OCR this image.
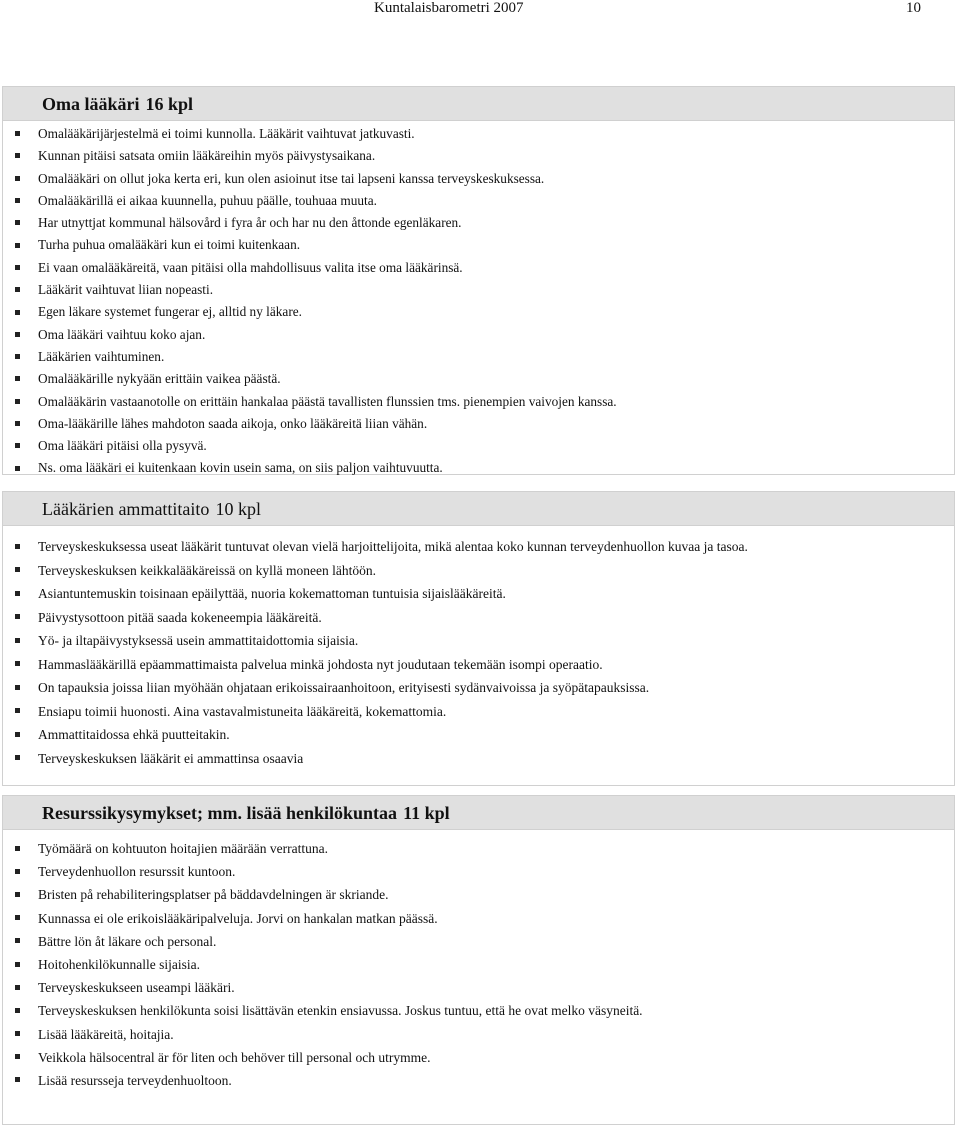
Kuntalaisbarometri 2007	10
Oma lääkäri 16 kpl
Omalääkärijärjestelmä ei toimi kunnolla. Lääkärit vaihtuvat jatkuvasti.
Kunnan pitäisi satsata omiin lääkäreihin myös päivystysaikana.
Omalääkäri on ollut joka kerta eri, kun olen asioinut itse tai lapseni kanssa terveyskeskuksessa.
Omalääkärillä ei aikaa kuunnella, puhuu päälle, touhuaa muuta.
Har utnyttjat kommunal hälsovård i fyra år och har nu den åttonde egenläkaren.
Turha puhua omalääkäri kun ei toimi kuitenkaan.
Ei vaan omalääkäreitä, vaan pitäisi olla mahdollisuus valita itse oma lääkärinsä.
Lääkärit vaihtuvat liian nopeasti.
Egen läkare systemet fungerar ej, alltid ny läkare.
Oma lääkäri vaihtuu koko ajan.
Lääkärien vaihtuminen.
Omalääkärille nykyään erittäin vaikea päästä.
Omalääkärin vastaanotolle on erittäin hankalaa päästä tavallisten flunssien tms. pienempien vaivojen kanssa.
Oma-lääkärille lähes mahdoton saada aikoja, onko lääkäreitä liian vähän.
Oma lääkäri pitäisi olla pysyvä.
Ns. oma lääkäri ei kuitenkaan kovin usein sama, on siis paljon vaihtuvuutta.
Lääkärien ammattitaito 10 kpl
Terveyskeskuksessa useat lääkärit tuntuvat olevan vielä harjoittelijoita, mikä alentaa koko kunnan terveydenhuollon kuvaa ja tasoa.
Terveyskeskuksen keikkalääkäreissä on kyllä moneen lähtöön.
Asiantuntemuskin toisinaan epäilyttää, nuoria kokemattoman tuntuisia sijaislääkäreitä.
Päivystysottoon pitää saada kokeneempia lääkäreitä.
Yö- ja iltapäivystyksessä usein ammattitaidottomia sijaisia.
Hammaslääkärillä epäammattimaista palvelua minkä johdosta nyt joudutaan tekemään isompi operaatio.
On tapauksia joissa liian myöhään ohjataan erikoissairaanhoitoon, erityisesti sydänvaivoissa ja syöpätapauksissa.
Ensiapu toimii huonosti. Aina vastavalmistuneita lääkäreitä, kokemattomia.
Ammattitaidossa ehkä puutteitakin.
Terveyskeskuksen lääkärit ei ammattinsa osaavia
Resurssikysymykset; mm. lisää henkilökuntaa 11 kpl
Työmäärä on kohtuuton hoitajien määrään verrattuna.
Terveydenhuollon resurssit kuntoon.
Bristen på rehabiliteringsplatser på bäddavdelningen är skriande.
Kunnassa ei ole erikoislääkäripalveluja. Jorvi on hankalan matkan päässä.
Bättre lön åt läkare och personal.
Hoitohenkilökunnalle sijaisia.
Terveyskeskukseen useampi lääkäri.
Terveyskeskuksen henkilökunta soisi lisättävän etenkin ensiavussa. Joskus tuntuu, että he ovat melko väsyneitä.
Lisää lääkäreitä, hoitajia.
Veikkola hälsocentral är för liten och behöver till personal och utrymme.
Lisää resursseja terveydenhuoltoon.
